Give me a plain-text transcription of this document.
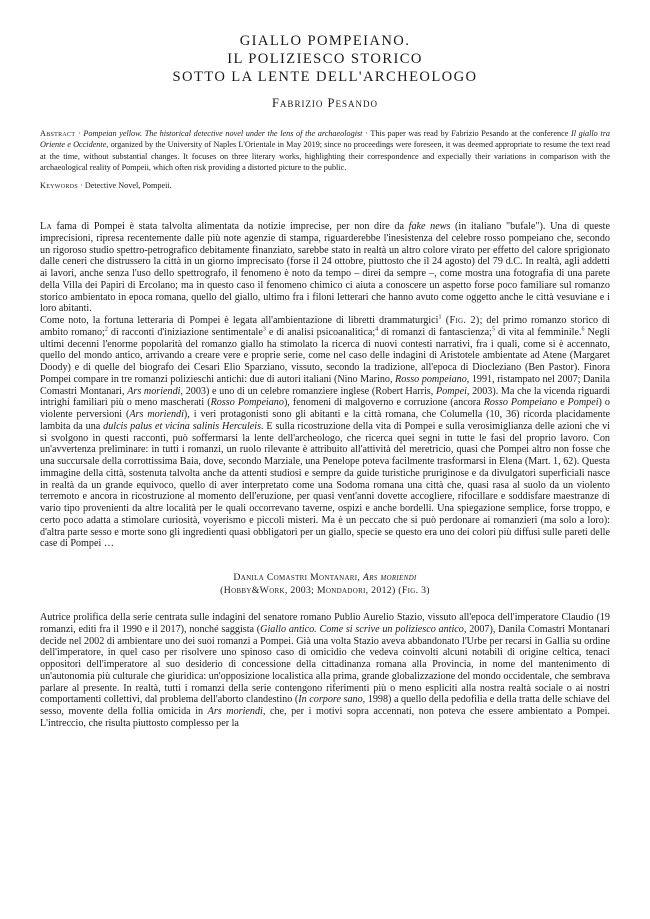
GIALLO POMPEIANO.
IL POLIZIESCO STORICO
SOTTO LA LENTE DELL'ARCHEOLOGO
Fabrizio Pesando
Abstract · Pompeian yellow. The historical detective novel under the lens of the archaeologist · This paper was read by Fabrizio Pesando at the conference Il giallo tra Oriente e Occidente, organized by the University of Naples L'Orientale in May 2019; since no proceedings were foreseen, it was deemed appropriate to resume the text read at the time, without substantial changes. It focuses on three literary works, highlighting their correspondence and expecially their variations in comparison with the archaeological reality of Pompeii, which often risk providing a distorted picture to the public.
Keywords · Detective Novel, Pompeii.

La fama di Pompei è stata talvolta alimentata da notizie imprecise, per non dire da fake news (in italiano "bufale"). Una di queste imprecisioni, ripresa recentemente dalle più note agenzie di stampa, riguarderebbe l'inesistenza del celebre rosso pompeiano che, secondo un rigoroso studio spettro-petrografico debitamente finanziato, sarebbe stato in realtà un altro colore virato per effetto del calore sprigionato dalle ceneri che distrussero la città in un giorno imprecisato (forse il 24 ottobre, piuttosto che il 24 agosto) del 79 d.C. In realtà, agli addetti ai lavori, anche senza l'uso dello spettrografo, il fenomeno è noto da tempo – direi da sempre –, come mostra una fotografia di una parete della Villa dei Papiri di Ercolano; ma in questo caso il fenomeno chimico ci aiuta a conoscere un aspetto forse poco familiare sul romanzo storico ambientato in epoca romana, quello del giallo, ultimo fra i filoni letterari che hanno avuto come oggetto anche le città vesuviane e i loro abitanti.

Come noto, la fortuna letteraria di Pompei è legata all'ambientazione di libretti drammaturgici$^1$ (Fig. 2); del primo romanzo storico di ambito romano;$^2$ di racconti d'iniziazione sentimentale$^3$ e di analisi psicoanalitica;$^4$ di romanzi di fantascienza;$^5$ di vita al femminile.$^6$ Negli ultimi decenni l'enorme popolarità del romanzo giallo ha stimolato la ricerca di nuovi contesti narrativi, fra i quali, come si è accennato, quello del mondo antico, arrivando a creare vere e proprie serie, come nel caso delle indagini di Aristotele ambientate ad Atene (Margaret Doody) e di quelle del biografo dei Cesari Elio Sparziano, vissuto, secondo la tradizione, all'epoca di Diocleziano (Ben Pastor). Finora Pompei compare in tre romanzi polizieschi antichi: due di autori italiani (Nino Marino, Rosso pompeiano, 1991, ristampato nel 2007; Danila Comastri Montanari, Ars moriendi, 2003) e uno di un celebre romanziere inglese (Robert Harris, Pompei, 2003). Ma che la vicenda riguardi intrighi familiari più o meno mascherati (Rosso Pompeiano), fenomeni di malgoverno e corruzione (ancora Rosso Pompeiano e Pompei) o violente perversioni (Ars moriendi), i veri protagonisti sono gli abitanti e la città romana, che Columella (10, 36) ricorda placidamente lambita da una dulcis palus et vicina salinis Herculeis. E sulla ricostruzione della vita di Pompei e sulla verosimiglianza delle azioni che vi si svolgono in questi racconti, può soffermarsi la lente dell'archeologo, che ricerca quei segni in tutte le fasi del proprio lavoro. Con un'avvertenza preliminare: in tutti i romanzi, un ruolo rilevante è attribuito all'attività del meretricio, quasi che Pompei altro non fosse che una succursale della corrottissima Baia, dove, secondo Marziale, una Penelope poteva facilmente trasformarsi in Elena (Mart. 1, 62). Questa immagine della città, sostenuta talvolta anche da attenti studiosi e sempre da guide turistiche pruriginose e da divulgatori superficiali nasce in realtà da un grande equivoco, quello di aver interpretato come una Sodoma romana una città che, quasi rasa al suolo da un violento terremoto e ancora in ricostruzione al momento dell'eruzione, per quasi vent'anni dovette accogliere, rifocillare e soddisfare maestranze di vario tipo provenienti da altre località per le quali occorrevano taverne, ospizi e anche bordelli. Una spiegazione semplice, forse troppo, e certo poco adatta a stimolare curiosità, voyerismo e piccoli misteri. Ma è un peccato che si può perdonare ai romanzieri (ma solo a loro): d'altra parte sesso e morte sono gli ingredienti quasi obbligatori per un giallo, specie se questo era uno dei colori più diffusi sulle pareti delle case di Pompei …

Danila Comastri Montanari, Ars moriendi
(Hobby&Work, 2003; Mondadori, 2012) (Fig. 3)

Autrice prolifica della serie centrata sulle indagini del senatore romano Publio Aurelio Stazio, vissuto all'epoca dell'imperatore Claudio (19 romanzi, editi fra il 1990 e il 2017), nonché saggista (Giallo antico. Come si scrive un poliziesco antico, 2007), Danila Comastri Montanari decide nel 2002 di ambientare uno dei suoi romanzi a Pompei. Già una volta Stazio aveva abbandonato l'Urbe per recarsi in Gallia su ordine dell'imperatore, in quel caso per risolvere uno spinoso caso di omicidio che vedeva coinvolti alcuni notabili di origine celtica, tenaci oppositori dell'imperatore al suo desiderio di concessione della cittadinanza romana alla Provincia, in nome del mantenimento di un'autonomia più culturale che giuridica: un'opposizione localistica alla prima, grande globalizzazione del mondo occidentale, che sembrava parlare al presente. In realtà, tutti i romanzi della serie contengono riferimenti più o meno espliciti alla nostra realtà sociale o ai nostri comportamenti collettivi, dal problema dell'aborto clandestino (In corpore sano, 1998) a quello della pedofilia e della tratta delle schiave del sesso, movente della follia omicida in Ars moriendi, che, per i motivi sopra accennati, non poteva che essere ambientato a Pompei. L'intreccio, che risulta piuttosto complesso per la
